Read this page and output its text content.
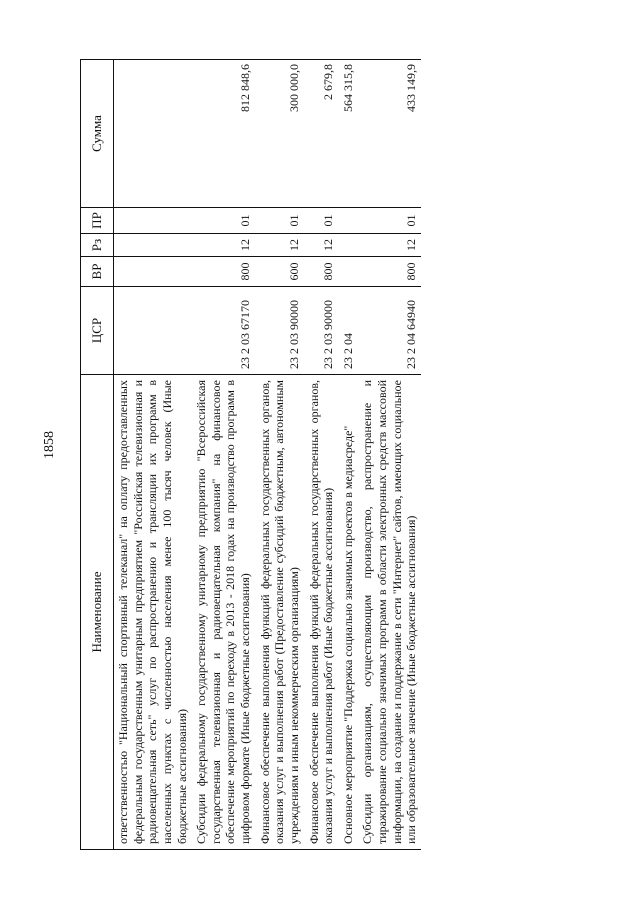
1858
Наименование	ЦСР	ВР	Рз	ПР	Сумма
ответственностью "Национальный спортивный телеканал" на оплату предоставленных федеральным государственным унитарным предприятием "Российская телевизионная и радиовещательная сеть" услуг по распространению и трансляции их программ в населенных пунктах с численностью населения менее 100 тысяч человек (Иные бюджетные ассигнования)					
Субсидии федеральному государственному унитарному предприятию "Всероссийская государственная телевизионная и радиовещательная компания" на финансовое обеспечение мероприятий по переходу в 2013 - 2018 годах на производство программ в цифровом формате (Иные бюджетные ассигнования)	23 2 03 67170	800	12	01	812 848,6
Финансовое обеспечение выполнения функций федеральных государственных органов, оказания услуг и выполнения работ (Предоставление субсидий бюджетным, автономным учреждениям и иным некоммерческим организациям)	23 2 03 90000	600	12	01	300 000,0
Финансовое обеспечение выполнения функций федеральных государственных органов, оказания услуг и выполнения работ (Иные бюджетные ассигнования)	23 2 03 90000	800	12	01	2 679,8
Основное мероприятие "Поддержка социально значимых проектов в медиасреде"	23 2 04				564 315,8
Субсидии организациям, осуществляющим производство, распространение и тиражирование социально значимых программ в области электронных средств массовой информации, на создание и поддержание в сети "Интернет" сайтов, имеющих социальное или образовательное значение (Иные бюджетные ассигнования)	23 2 04 64940	800	12	01	433 149,9
